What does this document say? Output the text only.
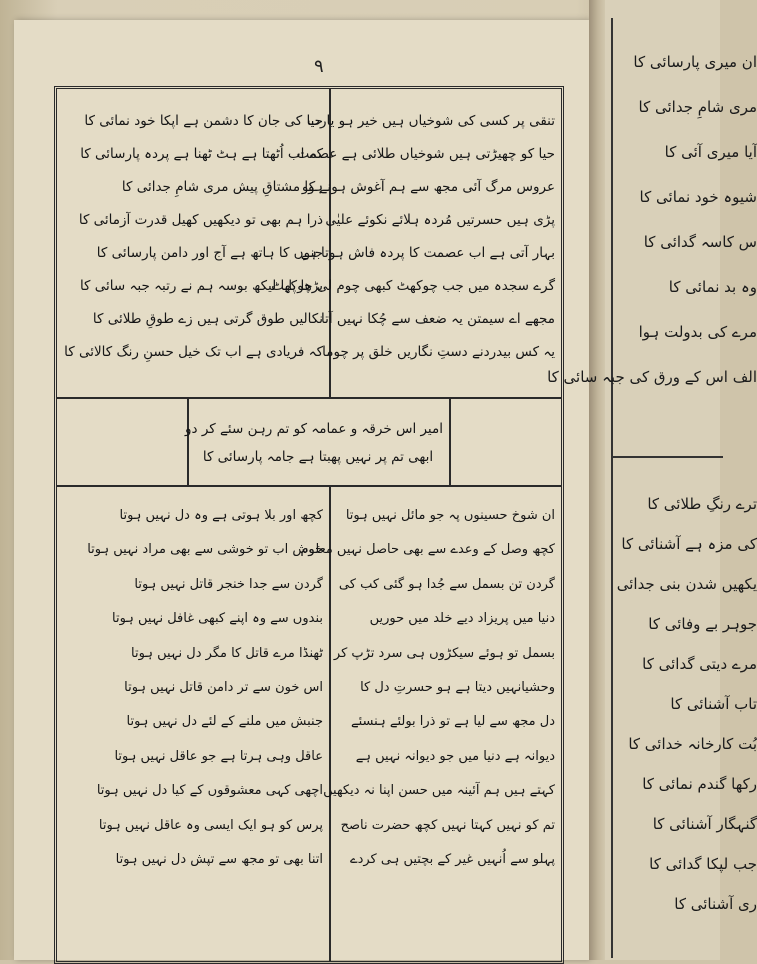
٩
تنقی پر کسی کی شوخیاں ہیں خیر ہو یارب
حیا کو چھیڑتی ہیں شوخیاں طلائی ہے عصمت
عروس مرگ آئی مجھ سے ہم آغوش ہونے کو
پڑی ہیں حسرتیں مُردہ ہلائے نکوئے علیٰی
بہار آتی ہے اب عصمت کا پردہ فاش ہوتا ہے
گرے سجدہ میں جب چوکھٹ کبھی چوم لی چوکھٹ
مجھے اے سیمتن یہ ضعف سے چُکا نہیں آتا
یہ کس بیدردنے دستِ نگاریں خلق پر چوما
حیا کی جان کا دشمن ہے اپکا خود نمائی کا
کہ اب اُٹھتا ہے ہٹ ٹھنا ہے پردہ پارسائی کا
ہوا مشتاقِ پیش مری شامِ جدائی کا
ذرا ہم بھی تو دیکھیں کھیل قدرت آزمائی کا
جنوں کا ہاتھ ہے آج اور دامن پارسائی کا
بڑھا پایا لیکھ بوسہ ہم نے رتبہ جبہ سائی کا
نکالیں طوق گرتی ہیں زے طوقِ طلائی کا
کہ فریادی ہے اب تک خیل حسنِ رنگ کالائی کا
امیر اس خرقہ و عمامہ کو تم رہن سئے کر دو
ابھی تم پر نہیں پھبتا ہے جامہ پارسائی کا
ان شوخ حسینوں پہ جو مائل نہیں ہوتا
کچھ وصل کے وعدے سے بھی حاصل نہیں معلوم
گردن تن بسمل سے جُدا ہو گئی کب کی
دنیا میں پریزاد دیے خلد میں حوریں
بسمل تو ہوئے سیکڑوں ہی سرد تڑپ کر
وحشیانہیں دیتا ہے ہو حسرتِ دل کا
دل مجھ سے لیا ہے تو ذرا بولئے ہنسئے
دیوانہ ہے دنیا میں جو دیوانہ نہیں ہے
کہتے ہیں ہم آئینہ میں حسن اپنا نہ دیکھیں
تم کو نہیں کہتا نہیں کچھ حضرت ناصح
پہلو سے اُنہیں غیر کے بچتیں ہی کردے
کچھ اور بلا ہوتی ہے وہ دل نہیں ہوتا
خوش اب تو خوشی سے بھی مراد نہیں ہوتا
گردن سے جدا خنجر قاتل نہیں ہوتا
بندوں سے وہ اپنے کبھی غافل نہیں ہوتا
ٹھنڈا مرے قاتل کا مگر دل نہیں ہوتا
اس خون سے تر دامن قاتل نہیں ہوتا
جنبش میں ملنے کے لئے دل نہیں ہوتا
عاقل وہی ہرتا ہے جو عاقل نہیں ہوتا
اچھی کہی معشوقوں کے کیا دل نہیں ہوتا
پرس کو ہو ایک ایسی وہ عاقل نہیں ہوتا
اتنا بھی تو مجھ سے تپش دل نہیں ہوتا
ان میری پارسائی کا
مری شامِ جدائی کا
آیا میری آئی کا
شیوہ خود نمائی کا
س کاسہ گدائی کا
وہ بد نمائی کا
مرے کی بدولت ہوا
الف اس کے ورق کی جبہ سائی کا
ترے رنگِ طلائی کا
کی مزہ ہے آشنائی کا
یکھیں شدن بنی جدائی
جوہر بے وفائی کا
مرے دیتی گدائی کا
تاب آشنائی کا
بُت کارخانہ خدائی کا
رکھا گندم نمائی کا
گنہگار آشنائی کا
جب لپکا گدائی کا
ری آشنائی کا
